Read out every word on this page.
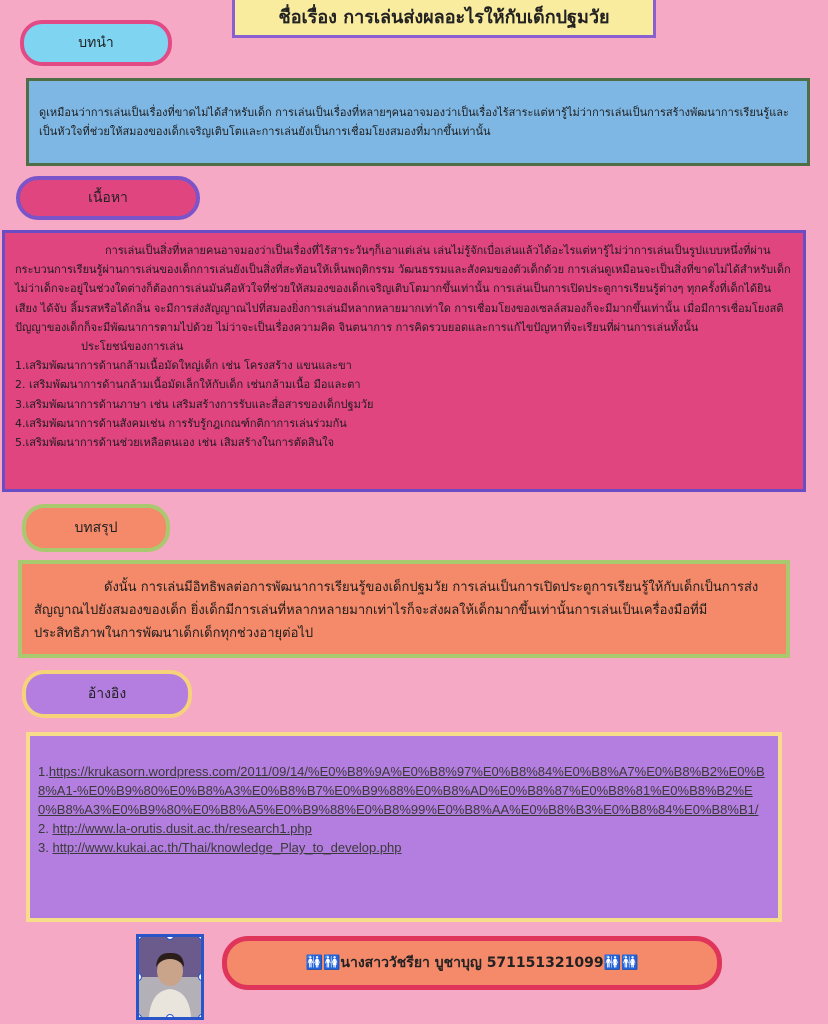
ชื่อเรื่อง การเล่นส่งผลอะไรให้กับเด็กปฐมวัย
บทนำ
ดูเหมือนว่าการเล่นเป็นเรื่องที่ขาดไม่ได้สำหรับเด็ก การเล่นเป็นเรื่องที่หลายๆคนอาจมองว่าเป็นเรื่องไร้สาระแต่หารู้ไม่ว่าการเล่นเป็นการสร้างพัฒนาการเรียนรู้และเป็นหัวใจที่ช่วยให้สมองของเด็กเจริญเติบโตและการเล่นยังเป็นการเชื่อมโยงสมองที่มากขึ้นเท่านั้น
เนื้อหา

การเล่นเป็นสิ่งที่หลายคนอาจมองว่าเป็นเรื่องที่ไร้สาระวันๆก็เอาแต่เล่น เล่นไม่รู้จักเบื่อเล่นแล้วได้อะไรแต่หารู้ไม่ว่าการเล่นเป็นรูปแบบหนึ่งที่ผ่านกระบวนการเรียนรู้ผ่านการเล่นของเด็กการเล่นยังเป็นสิ่งที่สะท้อนให้เห็นพฤติกรรม วัฒนธรรมและสังคมของตัวเด็กด้วย การเล่นดูเหมือนจะเป็นสิ่งที่ขาดไม่ได้สำหรับเด็ก ไม่ว่าเด็กจะอยู่ในช่วงใดต่างก็ต้องการเล่นมันคือหัวใจที่ช่วยให้สมองของเด็กเจริญเติบโตมากขึ้นเท่านั้น การเล่นเป็นการเปิดประตูการเรียนรู้ต่างๆ ทุกครั้งที่เด็กได้ยินเสียง ได้จับ ลิ้มรสหรือได้กลิ่น จะมีการส่งสัญญาณไปที่สมองยิ่งการเล่นมีหลากหลายมากเท่าใด การเชื่อมโยงของเซลล์สมองก็จะมีมากขึ้นเท่านั้น เมื่อมีการเชื่อมโยงสติปัญญาของเด็กก็จะมีพัฒนาการตามไปด้วย ไม่ว่าจะเป็นเรื่องความคิด จินตนาการ การคิดรวบยอดและการแก้ไขปัญหาที่จะเรียนที่ผ่านการเล่นทั้งนั้น

ประโยชน์ของการเล่น

1.เสริมพัฒนาการด้านกล้ามเนื้อมัดใหญ่เด็ก เช่น โครงสร้าง แขนและขา

2. เสริมพัฒนาการด้านกล้ามเนื้อมัดเล็กให้กับเด็ก เช่นกล้ามเนื้อ มือและตา

3.เสริมพัฒนาการด้านภาษา เช่น เสริมสร้างการรับและสื่อสารของเด็กปฐมวัย

4.เสริมพัฒนาการด้านสังคมเช่น การรับรู้กฎเกณฑ์กติกาการเล่นร่วมกัน

5.เสริมพัฒนาการด้านช่วยเหลือตนเอง เช่น เสิมสร้างในการตัดสินใจ

บทสรุป

ดังนั้น การเล่นมีอิทธิพลต่อการพัฒนาการเรียนรู้ของเด็กปฐมวัย การเล่นเป็นการเปิดประตูการเรียนรู้ให้กับเด็กเป็นการส่งสัญญาณไปยังสมองของเด็ก ยิ่งเด็กมีการเล่นที่หลากหลายมากเท่าไรก็จะส่งผลให้เด็กมากขึ้นเท่านั้นการเล่นเป็นเครื่องมือที่มีประสิทธิภาพในการพัฒนาเด็กเด็กทุกช่วงอายุต่อไป

อ้างอิง
1.https://krukasorn.wordpress.com/2011/09/14/%E0%B8%9A%E0%B8%97%E0%B8%84%E0%B8%A7%E0%B8%B2%E0%B8%A1-%E0%B9%80%E0%B8%A3%E0%B8%B7%E0%B9%88%E0%B8%AD%E0%B8%87%E0%B8%81%E0%B8%B2%E0%B8%A3%E0%B9%80%E0%B8%A5%E0%B9%88%E0%B8%99%E0%B8%AA%E0%B8%B3%E0%B8%84%E0%B8%B1/
2. http://www.la-orutis.dusit.ac.th/research1.php
3. http://www.kukai.ac.th/Thai/knowledge_Play_to_develop.php
🚻🚻นางสาววัชรียา บูชาบุญ 571151321099🚻🚻
